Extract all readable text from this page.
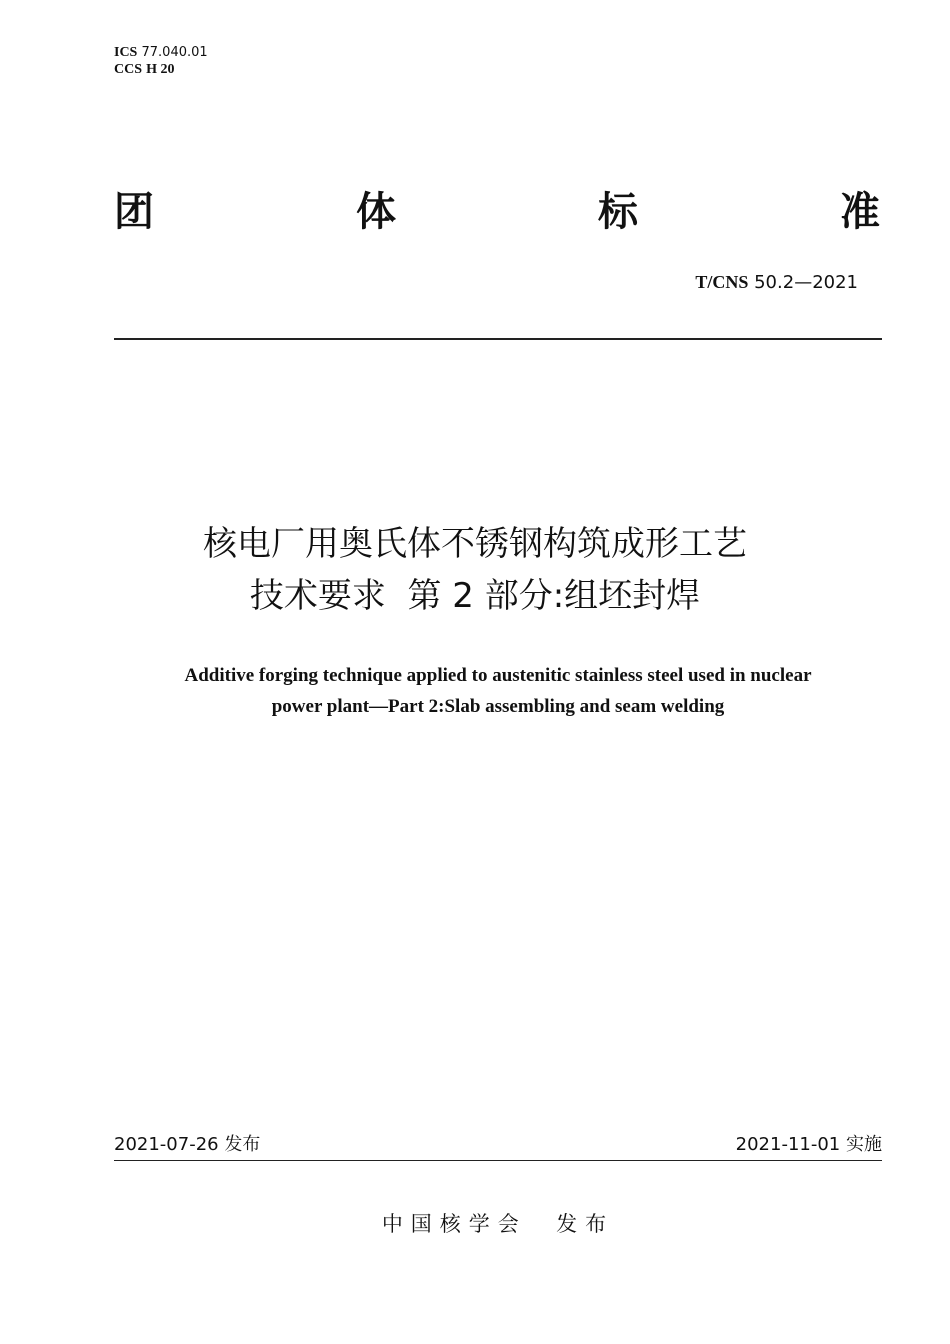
ICS 77.040.01
CCS H 20
团	体	标	准
T/CNS 50.2—2021
核电厂用奥氏体不锈钢构筑成形工艺
技术要求  第 2 部分:组坯封焊
Additive forging technique applied to austenitic stainless steel used in nuclear
power plant—Part 2:Slab assembling and seam welding
2021-07-26 发布	2021-11-01 实施
中国核学会  发布
